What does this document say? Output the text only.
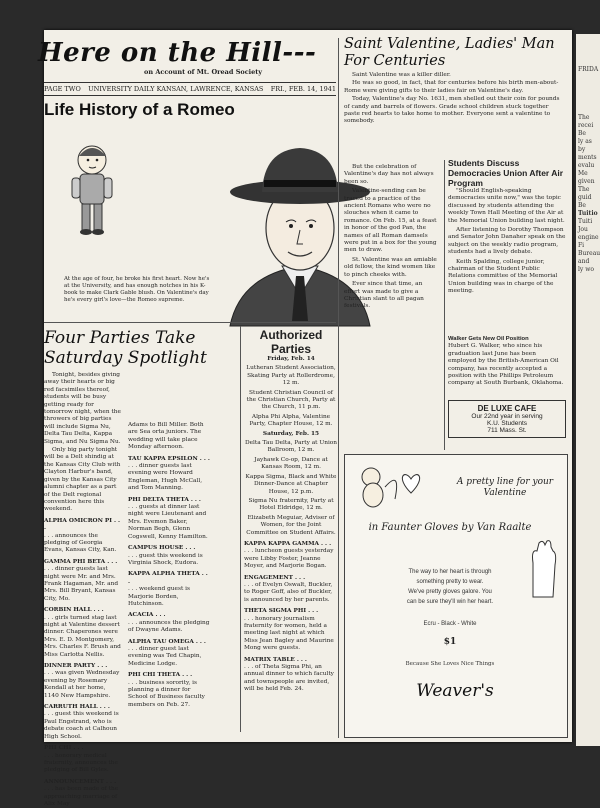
Here on the Hill---
on Account of Mt. Oread Society
PAGE TWO UNIVERSITY DAILY KANSAN, LAWRENCE, KANSAS FRI., FEB. 14, 1941
Life History of a Romeo
At the age of four, he broke his first heart. Now he's at the University, and has enough notches in his K-book to make Clark Gable blush. On Valentine's day he's every girl's love—the Romeo supreme.
Four Parties Take Saturday Spotlight

Tonight, besides giving away their hearts or big red facsimiles thereof, students will be busy getting ready for tomorrow night, when the throwers of big parties will include Sigma Nu, Delta Tau Delta, Kappa Sigma, and Nu Sigma Nu.

Only big party tonight will be a Delt shindig at the Kansas City Club with Clayton Harbur's band, given by the Kansas City alumni chapter as a part of the Delt regional convention here this weekend.

ALPHA OMICRON PI . . .
. . . announces the pledging of Georgia Evans, Kansas City, Kan.
GAMMA PHI BETA . . .
. . . dinner guests last night were Mr. and Mrs. Frank Hagaman, Mr. and Mrs. Bill Bryant, Kansas City, Mo.
CORBIN HALL . . .
. . . girls turned stag last night at Valentine dessert dinner. Chaperones were Mrs. E. D. Montgomery, Mrs. Charles F. Brush and Miss Carlotta Nellis.
DINNER PARTY . . .
. . . was given Wednesday evening by Rosemary Kendall at her home, 1140 New Hampshire.
CARRUTH HALL . . .
. . . guest this weekend is Paul Engstrand, who is debate coach at Calhoun High School.
PHI CHI . . .
. . . honorary medical fraternity, announces the pledging of Bill Gyles.
ANNOUNCEMENT . . .
. . . has been made of the approaching marriage of Alix May
Adams to Bill Miller. Both are Sea orta juniors. The wedding will take place Monday afternoon.
TAU KAPPA EPSILON . . .
. . . dinner guests last evening were Howard Engleman, Hugh McCall, and Tom Manning.
PHI DELTA THETA . . .
. . . guests at dinner last night were Lieutenant and Mrs. Evemon Baker, Norman Begh, Glenn Cogswell, Kenny Hamilton.
CAMPUS HOUSE . . .
. . . guest this weekend is Virginia Shock, Eudora.
KAPPA ALPHA THETA . . .
. . . weekend guest is Marjorie Borden, Hutchinson.
ACACIA . . .
. . . announces the pledging of Dwayne Adams.
ALPHA TAU OMEGA . . .
. . . dinner guest last evening was Ted Chapin, Medicine Lodge.
PHI CHI THETA . . .
. . . business sorority, is planning a dinner for School of Business faculty members on Feb. 27.
Authorized Parties

Friday, Feb. 14

Lutheran Student Association, Skating Party at Rollerdrome, 12 m.

Student Christian Council of the Christian Church, Party at the Church, 11 p.m.

Alpha Phi Alpha, Valentine Party, Chapter House, 12 m.

Saturday, Feb. 15

Delta Tau Delta, Party at Union Ballroom, 12 m.

Jayhawk Co-op, Dance at Kansas Room, 12 m.

Kappa Sigma, Black and White Dinner-Dance at Chapter House, 12 p.m.

Sigma Nu fraternity, Party at Hotel Eldridge, 12 m.

Elizabeth Meguiar, Adviser of Women, for the Joint Committee on Student Affairs.

KAPPA KAPPA GAMMA . . .
. . . luncheon guests yesterday were Libby Foster, Jeanne Moyer, and Marjorie Bogan.
ENGAGEMENT . . .
. . . of Evelyn Oswalt, Buckler, to Roger Goff, also of Buckler, is announced by her parents.
THETA SIGMA PHI . . .
. . . honorary journalism fraternity for women, held a meeting last night at which Miss Jean Bagley and Maurine Mong were guests.
MATRIX TABLE . . .
. . . of Theta Sigma Phi, an annual dinner to which faculty and townspeople are invited, will be held Feb. 24.
Saint Valentine, Ladies' Man For Centuries

Saint Valentine was a killer diller.

He was so good, in fact, that for centuries before his birth men-about-Rome were giving gifts to their ladies fair on Valentine's day.

Today, Valentine's day No. 1631, men shelled out their coin for pounds of candy and barrels of flowers. Grade school children stuck together paste red hearts to take home to mother. Everyone sent a valentine to somebody.

But the celebration of Valentine's day has not always been so.

Valentine-sending can be traced to a practice of the ancient Romans who were no slouches when it came to romance. On Feb. 15, at a feast in honor of the god Pan, the names of all Roman damsels were put in a box for the young men to draw.

St. Valentine was an amiable old fellow, the kind women like to pinch cheeks with.

Ever since that time, an effort was made to give a Christian slant to all pagan festivals.

Students Discuss Democracies Union After Air Program

"Should English-speaking democracies unite now," was the topic discussed by students attending the weekly Town Hall Meeting of the Air at the Memorial Union building last night.

After listening to Dorothy Thompson and Senator John Danaher speak on the subject on the weekly radio program, students had a lively debate.

Keith Spalding, college junior, chairman of the Student Public Relations committee of the Memorial Union building was in charge of the meeting.

Walker Gets New Oil Position
Hubert G. Walker, who since his graduation last June has been employed by the British-American Oil company, has recently accepted a position with the Phillips Petroleum company at South Burbank, Oklahoma.
DE LUXE CAFE
Our 22nd year in serving
K.U. Students
711 Mass. St.
A pretty line for your Valentine
in Faunter Gloves by Van Raalte
The way to her heart is through
something pretty to wear.
We've pretty gloves galore. You
can be sure they'll win her heart.
Ecru - Black - White
$1
Because She Loves Nice Things
Weaver's
FRIDA
The
recei
Be
ly as
by
ments
evalu
Me
given
The
guid
Be
Tuitio
Tuiti
Jou
engine
Fi
Bureau
and
ly wo
